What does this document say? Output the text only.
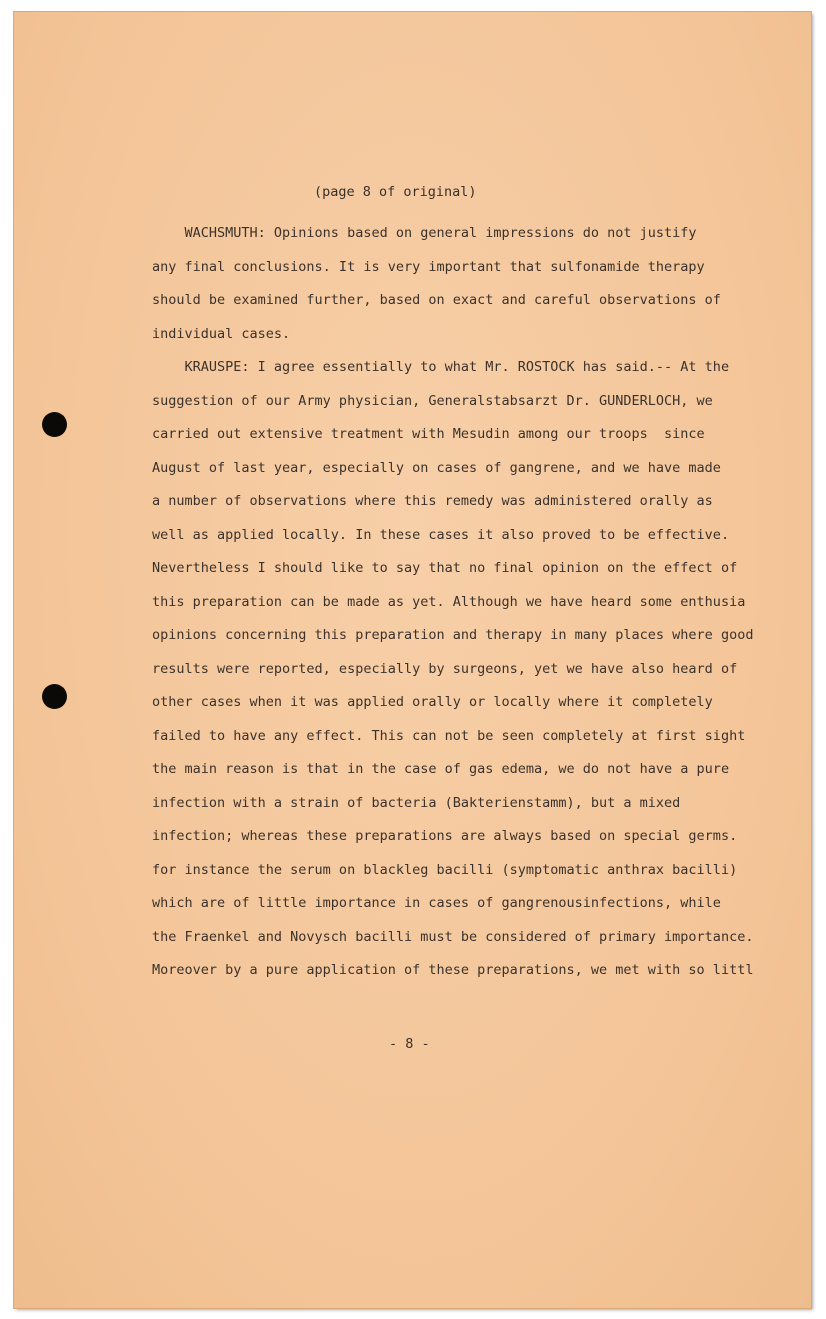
(page 8 of original)
WACHSMUTH: Opinions based on general impressions do not justify
any final conclusions. It is very important that sulfonamide therapy
should be examined further, based on exact and careful observations of
individual cases.
KRAUSPE: I agree essentially to what Mr. ROSTOCK has said.-- At the
suggestion of our Army physician, Generalstabsarzt Dr. GUNDERLOCH, we
carried out extensive treatment with Mesudin among our troops  since
August of last year, especially on cases of gangrene, and we have made
a number of observations where this remedy was administered orally as
well as applied locally. In these cases it also proved to be effective.
Nevertheless I should like to say that no final opinion on the effect of
this preparation can be made as yet. Although we have heard some enthusia
opinions concerning this preparation and therapy in many places where good
results were reported, especially by surgeons, yet we have also heard of
other cases when it was applied orally or locally where it completely
failed to have any effect. This can not be seen completely at first sight
the main reason is that in the case of gas edema, we do not have a pure
infection with a strain of bacteria (Bakterienstamm), but a mixed
infection; whereas these preparations are always based on special germs.
for instance the serum on blackleg bacilli (symptomatic anthrax bacilli)
which are of little importance in cases of gangrenousinfections, while
the Fraenkel and Novysch bacilli must be considered of primary importance.
Moreover by a pure application of these preparations, we met with so littl
- 8 -
